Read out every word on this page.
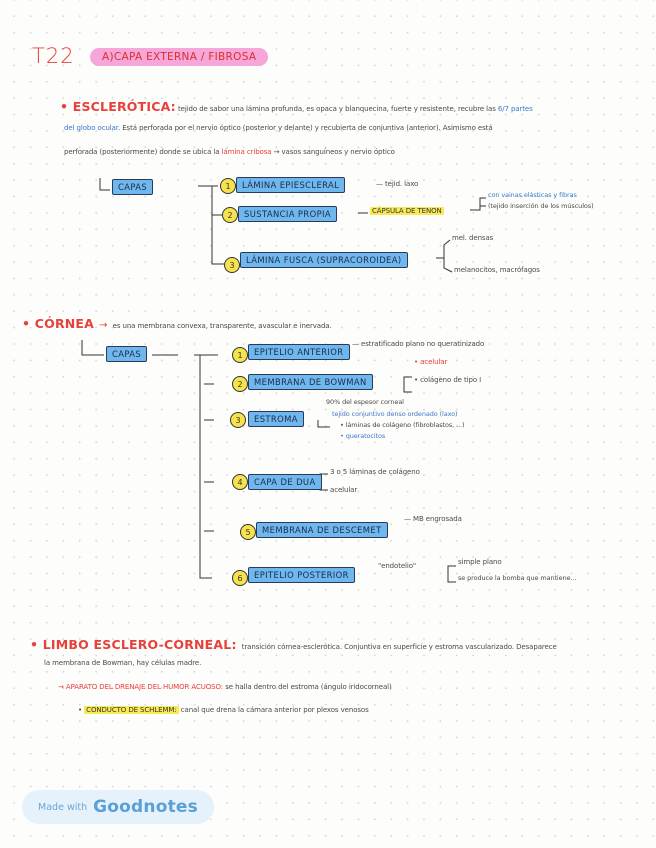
T22	A)CAPA EXTERNA / FIBROSA
• ESCLERÓTICA: tejido de sabor una lámina profunda, es opaca y blanquecina, fuerte y resistente, recubre las 6/7 partes
del globo ocular. Está perforada por el nervio óptico (posterior y delante) y recubierta de conjuntiva (anterior). Asimismo está
perforada (posteriormente) donde se ubica la lámina cribosa → vasos sanguíneos y nervio óptico
CAPAS	1	LÁMINA EPIESCLERAL	— tejid. laxo
2	SUSTANCIA PROPIA	CÁPSULA DE TENON
con vainas elásticas y fibras
(tejido inserción de los músculos)
3	LÁMINA FUSCA (SUPRACOROIDEA)
mel. densas
melanocitos, macrófagos
• CÓRNEA → es una membrana convexa, transparente, avascular e inervada.
CAPAS	1	EPITELIO ANTERIOR
— estratificado plano no queratinizado
2	MEMBRANA DE BOWMAN
• acelular
• colágeno de tipo I
3	ESTROMA
90% del espesor corneal
tejido conjuntivo denso ordenado (laxo)
• láminas de colágeno (fibroblastos, ...)
• queratocitos
4	CAPA DE DUA
3 o 5 láminas de colágeno
acelular
5	MEMBRANA DE DESCEMET
— MB engrosada
6	EPITELIO POSTERIOR
"endotelio"	simple plano
se produce la bomba que mantiene...
• LIMBO ESCLERO-CORNEAL: transición córnea-esclerótica. Conjuntiva en superficie y estroma vascularizado. Desaparece
la membrana de Bowman, hay células madre.
→ APARATO DEL DRENAJE DEL HUMOR ACUOSO: se halla dentro del estroma (ángulo iridocorneal)
• CONDUCTO DE SCHLEMM: canal que drena la cámara anterior por plexos venosos
Made with Goodnotes
